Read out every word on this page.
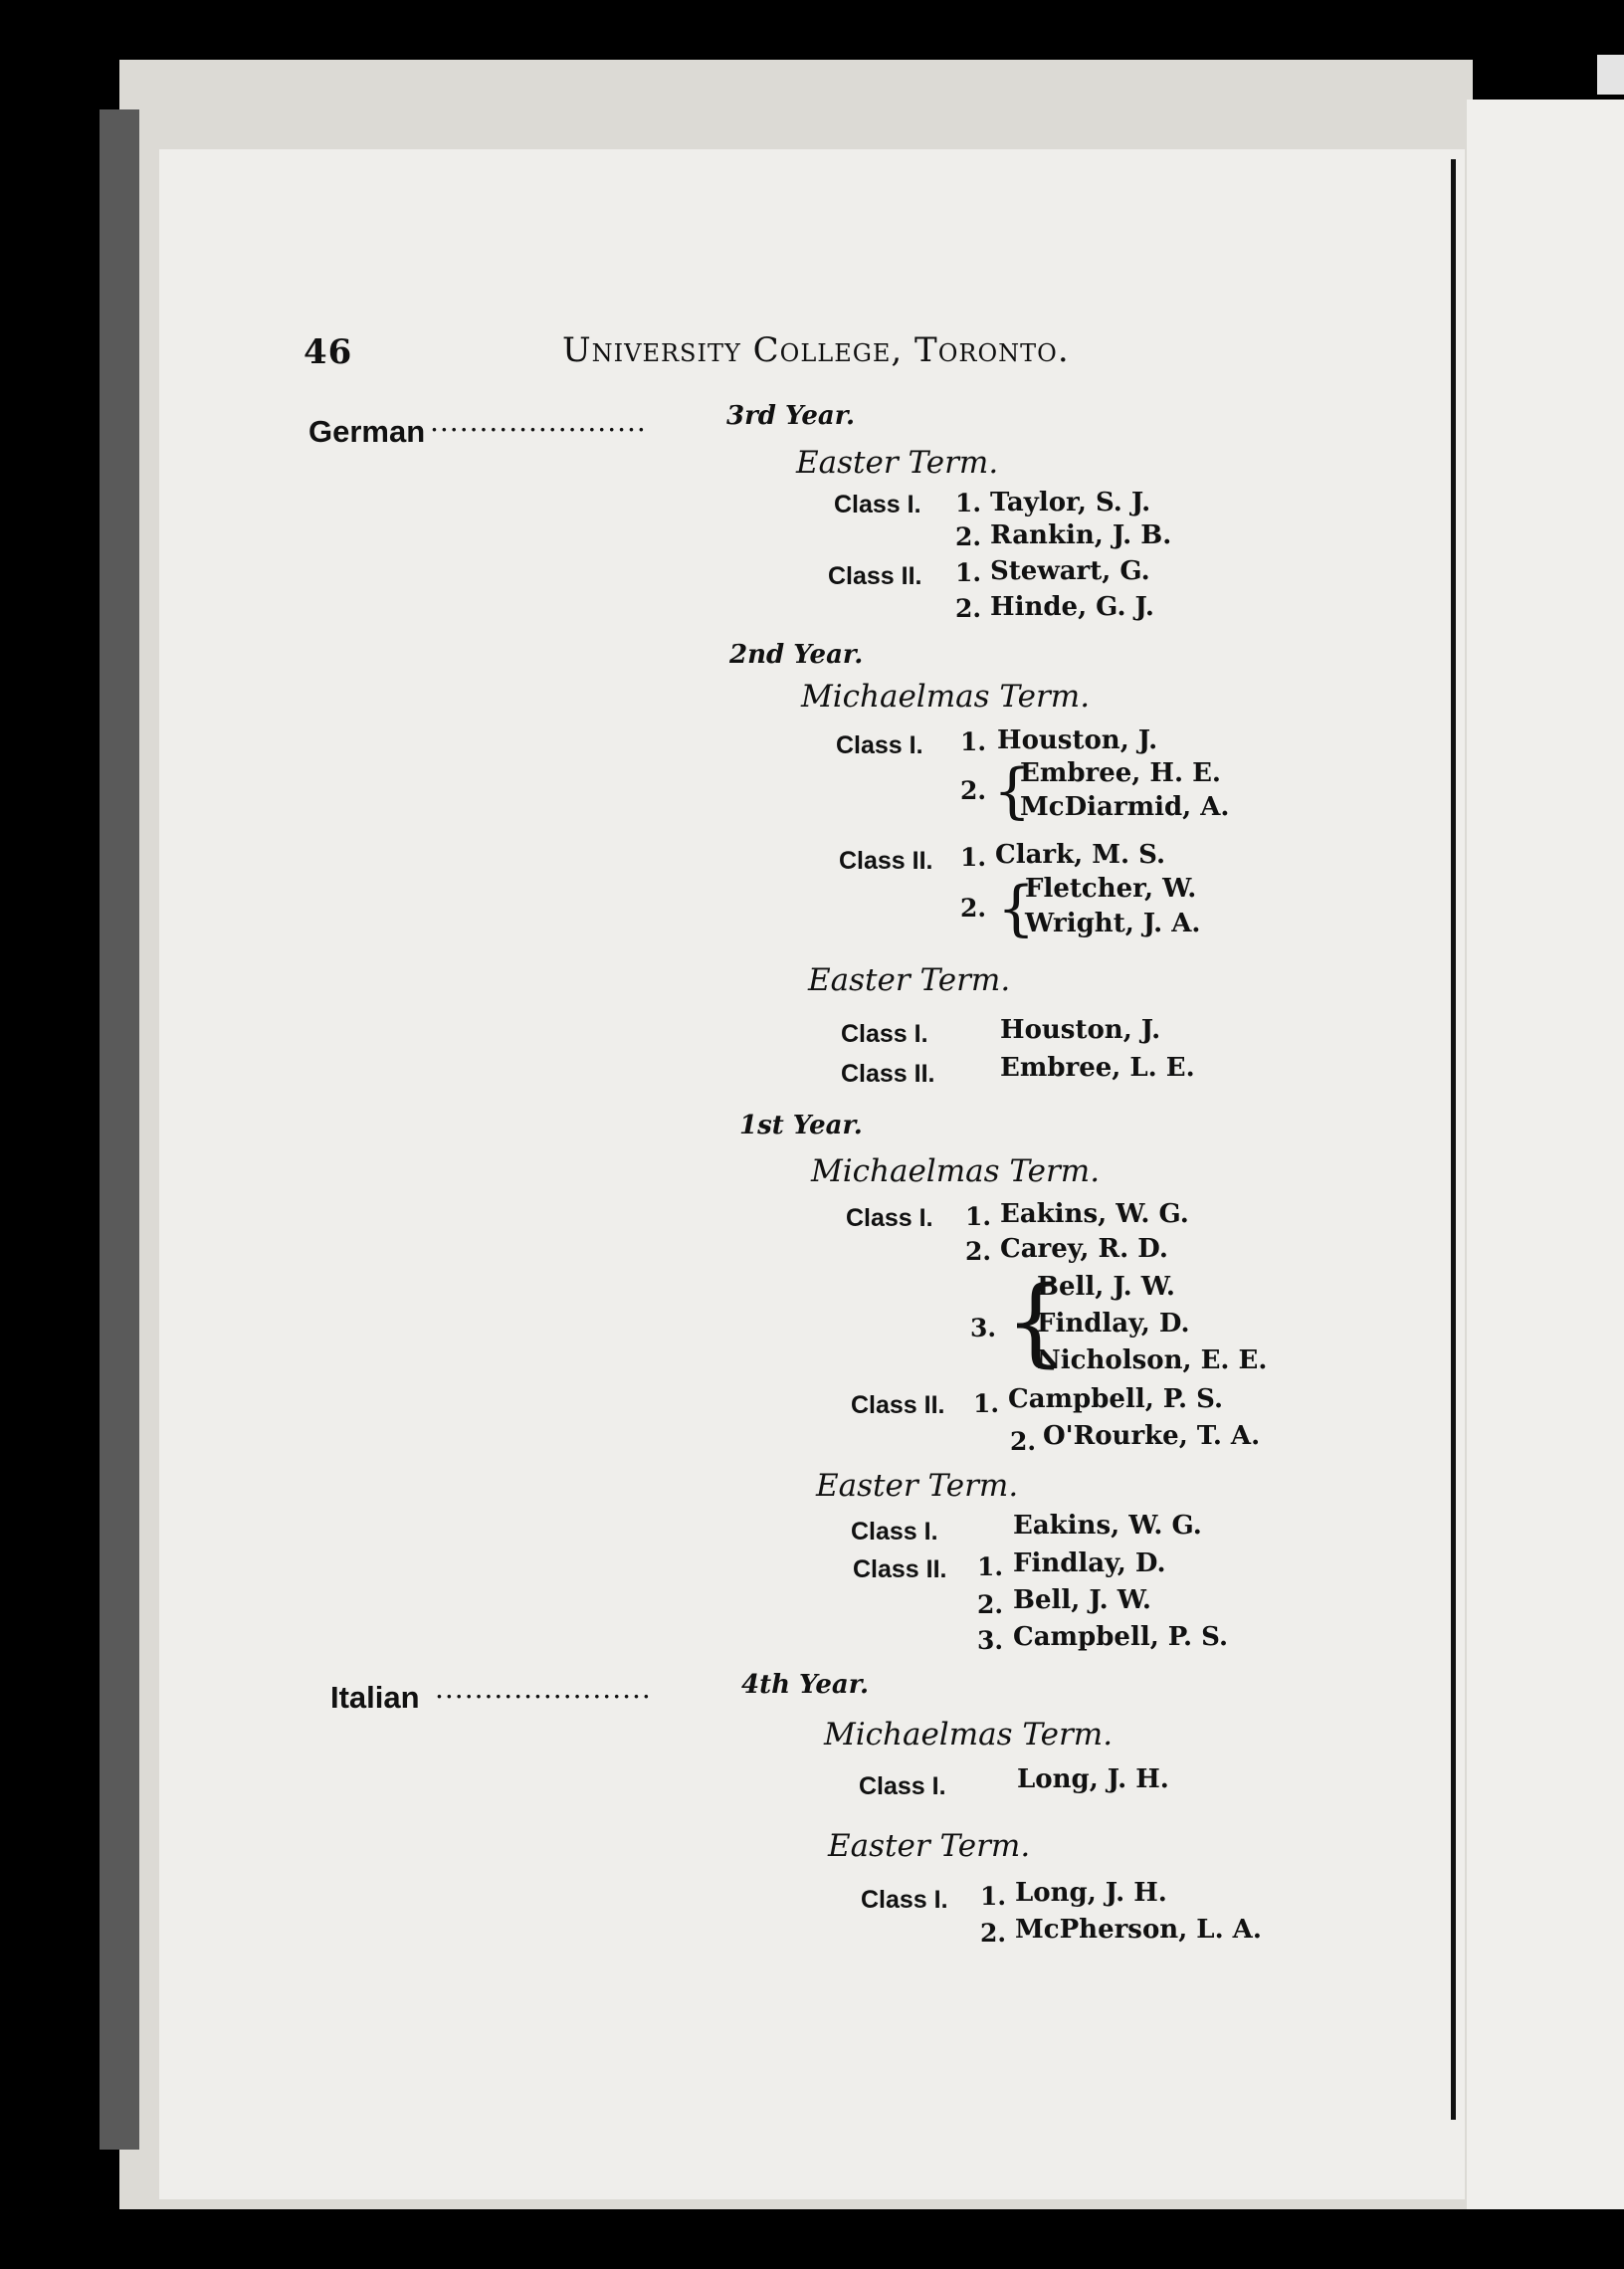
46	University College, Toronto.
German ......................	3rd Year.
Easter Term.
Class I. 1. Taylor, S. J.
2. Rankin, J. B.
Class II. 1. Stewart, G.
2. Hinde, G. J.
2nd Year.
Michaelmas Term.
Class I. 1. Houston, J.
2. {
Embree, H. E.
McDiarmid, A.
Class II. 1. Clark, M. S.
2. {
Fletcher, W.
Wright, J. A.
Easter Term.
Class I.	Houston, J.
Class II.	Embree, L. E.
1st Year.
Michaelmas Term.
Class I. 1. Eakins, W. G.
2. Carey, R. D.
3. {
Bell, J. W.
Findlay, D.
Nicholson, E. E.
Class II. 1. Campbell, P. S.
2. O'Rourke, T. A.
Easter Term.
Class I.	Eakins, W. G.
Class II. 1. Findlay, D.
2. Bell, J. W.
3. Campbell, P. S.
Italian ......................	4th Year.
Michaelmas Term.
Class I.	Long, J. H.
Easter Term.
Class I. 1. Long, J. H.
2. McPherson, L. A.
